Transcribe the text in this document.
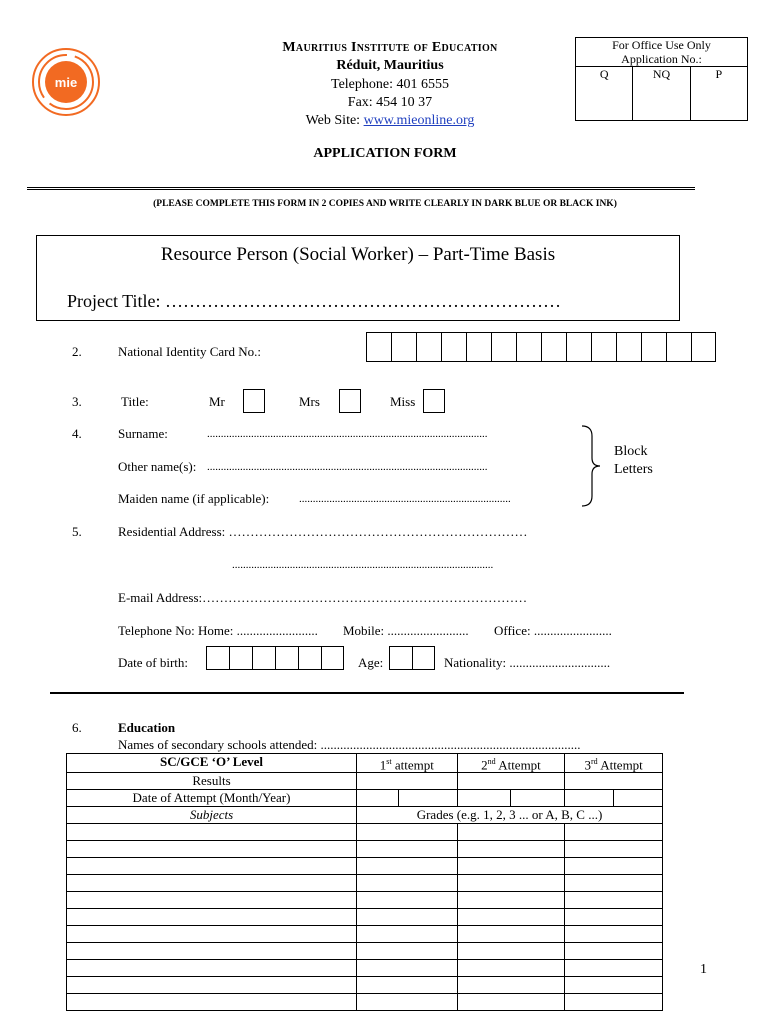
mie
Mauritius Institute of Education
Réduit, Mauritius
Telephone: 401 6555
Fax: 454 10 37
Web Site: www.mieonline.org
For Office Use Only
Application No.:
Q	NQ	P
APPLICATION FORM
(PLEASE COMPLETE THIS FORM IN 2 COPIES AND WRITE CLEARLY IN DARK BLUE OR BLACK INK)
Resource Person (Social Worker) – Part-Time Basis
Project Title: …………………………………………………………
2.	National Identity Card No.:
3.	Title:	Mr	Mrs	Miss
4.	Surname:	......................................................................................................
Other name(s): ......................................................................................................
Maiden name (if applicable):	.............................................................................
Block
Letters
5.	Residential Address: ……………………………………………………………
...............................................................................................
E-mail Address:…………………………………………………………………
Telephone No: Home: ......................... Mobile: ......................... Office: ........................
Date of birth:	Age:	Nationality: ...............................
6.	Education
Names of secondary schools attended: ................................................................................
SC/GCE ‘O’ Level	1st attempt		2nd Attempt		3rd Attempt	
Results						
Date of Attempt (Month/Year)						
Subjects	Grades (e.g. 1, 2, 3 ... or A, B, C ...)					

1
